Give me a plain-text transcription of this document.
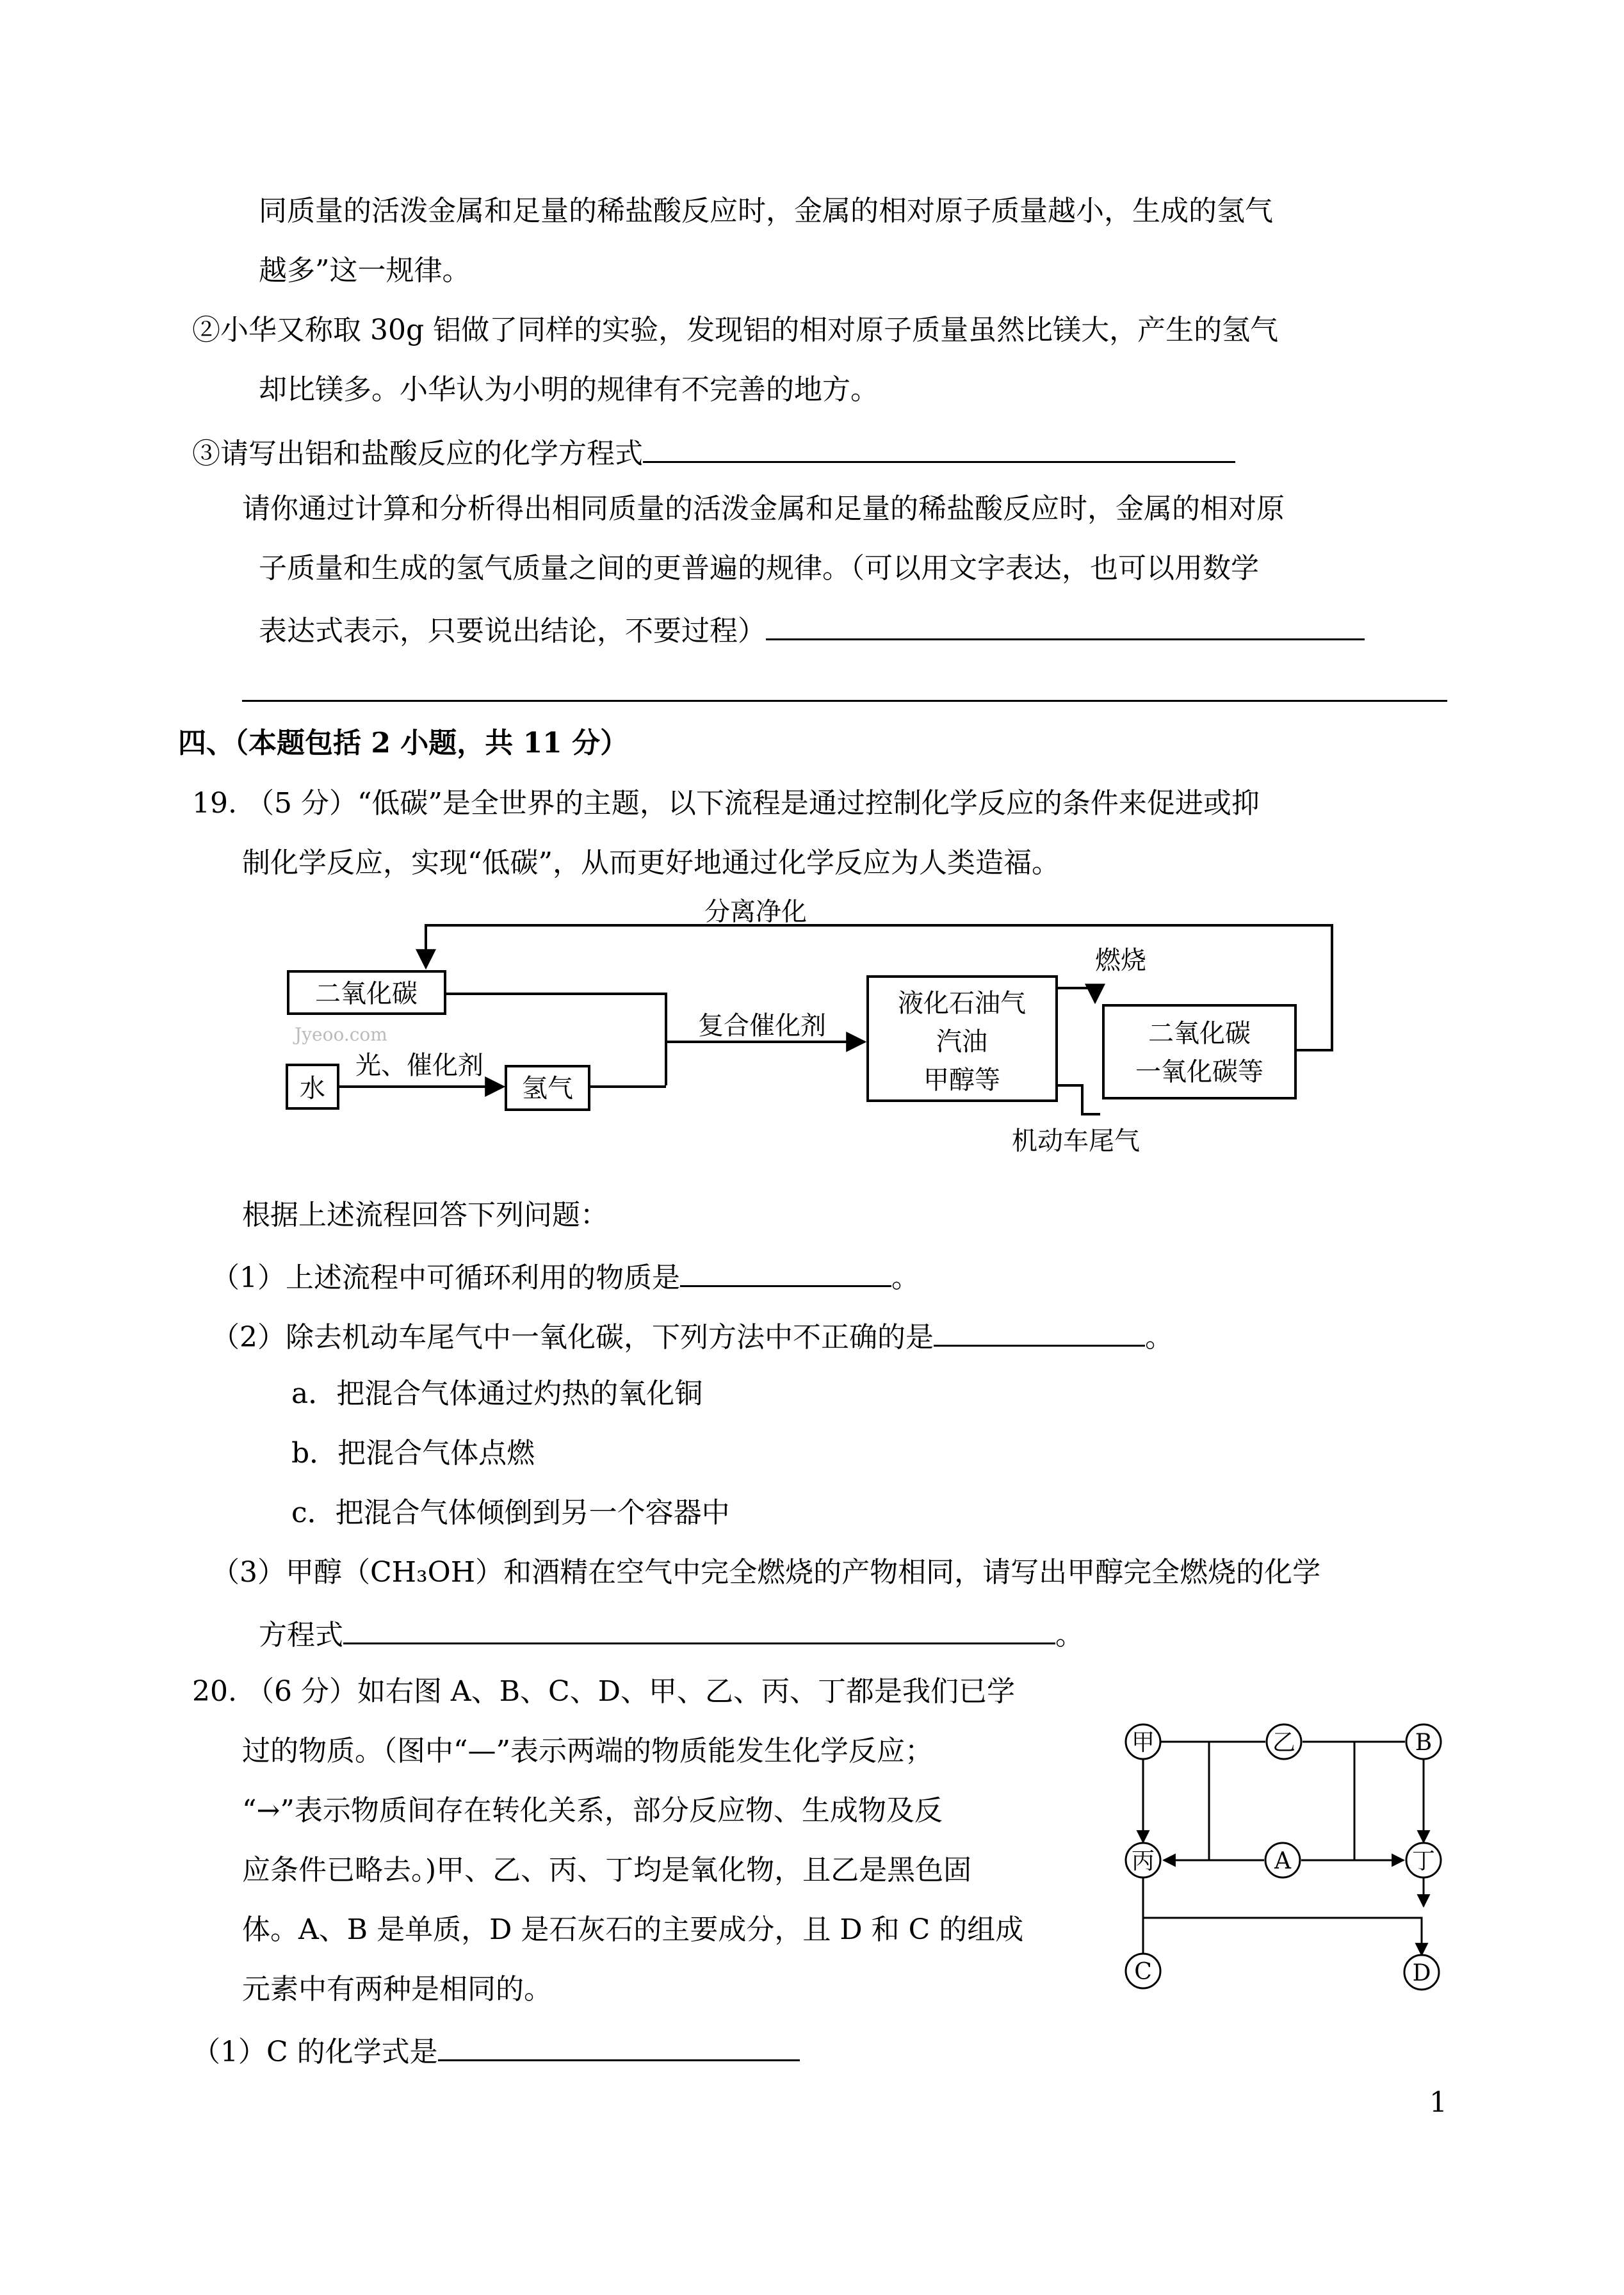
同质量的活泼金属和足量的稀盐酸反应时，金属的相对原子质量越小，生成的氢气
越多”这一规律。
②小华又称取 30g 铝做了同样的实验，发现铝的相对原子质量虽然比镁大，产生的氢气
却比镁多。小华认为小明的规律有不完善的地方。
③请写出铝和盐酸反应的化学方程式
请你通过计算和分析得出相同质量的活泼金属和足量的稀盐酸反应时，金属的相对原
子质量和生成的氢气质量之间的更普遍的规律。（可以用文字表达，也可以用数学
表达式表示，只要说出结论，不要过程）
四、（本题包括 2 小题，共 11 分）
19. （5 分）“低碳”是全世界的主题，以下流程是通过控制化学反应的条件来促进或抑
制化学反应，实现“低碳”，从而更好地通过化学反应为人类造福。
分离净化
二氧化碳
Jyeoo.com
水
光、催化剂
氢气
复合催化剂
液化石油气
汽油
甲醇等
燃烧
二氧化碳
一氧化碳等
机动车尾气
根据上述流程回答下列问题：
（1）上述流程中可循环利用的物质是	。
（2）除去机动车尾气中一氧化碳，下列方法中不正确的是	。
a．把混合气体通过灼热的氧化铜
b．把混合气体点燃
c．把混合气体倾倒到另一个容器中
（3）甲醇（CH₃OH）和酒精在空气中完全燃烧的产物相同，请写出甲醇完全燃烧的化学
方程式	。
20. （6 分）如右图 A、B、C、D、甲、乙、丙、丁都是我们已学
过的物质。（图中“—”表示两端的物质能发生化学反应；
“→”表示物质间存在转化关系，部分反应物、生成物及反
应条件已略去。)甲、乙、丙、丁均是氧化物，且乙是黑色固
体。A、B 是单质，D 是石灰石的主要成分，且 D 和 C 的组成
元素中有两种是相同的。
甲	乙	B
丙	A	丁
C	D
（1）C 的化学式是
1
